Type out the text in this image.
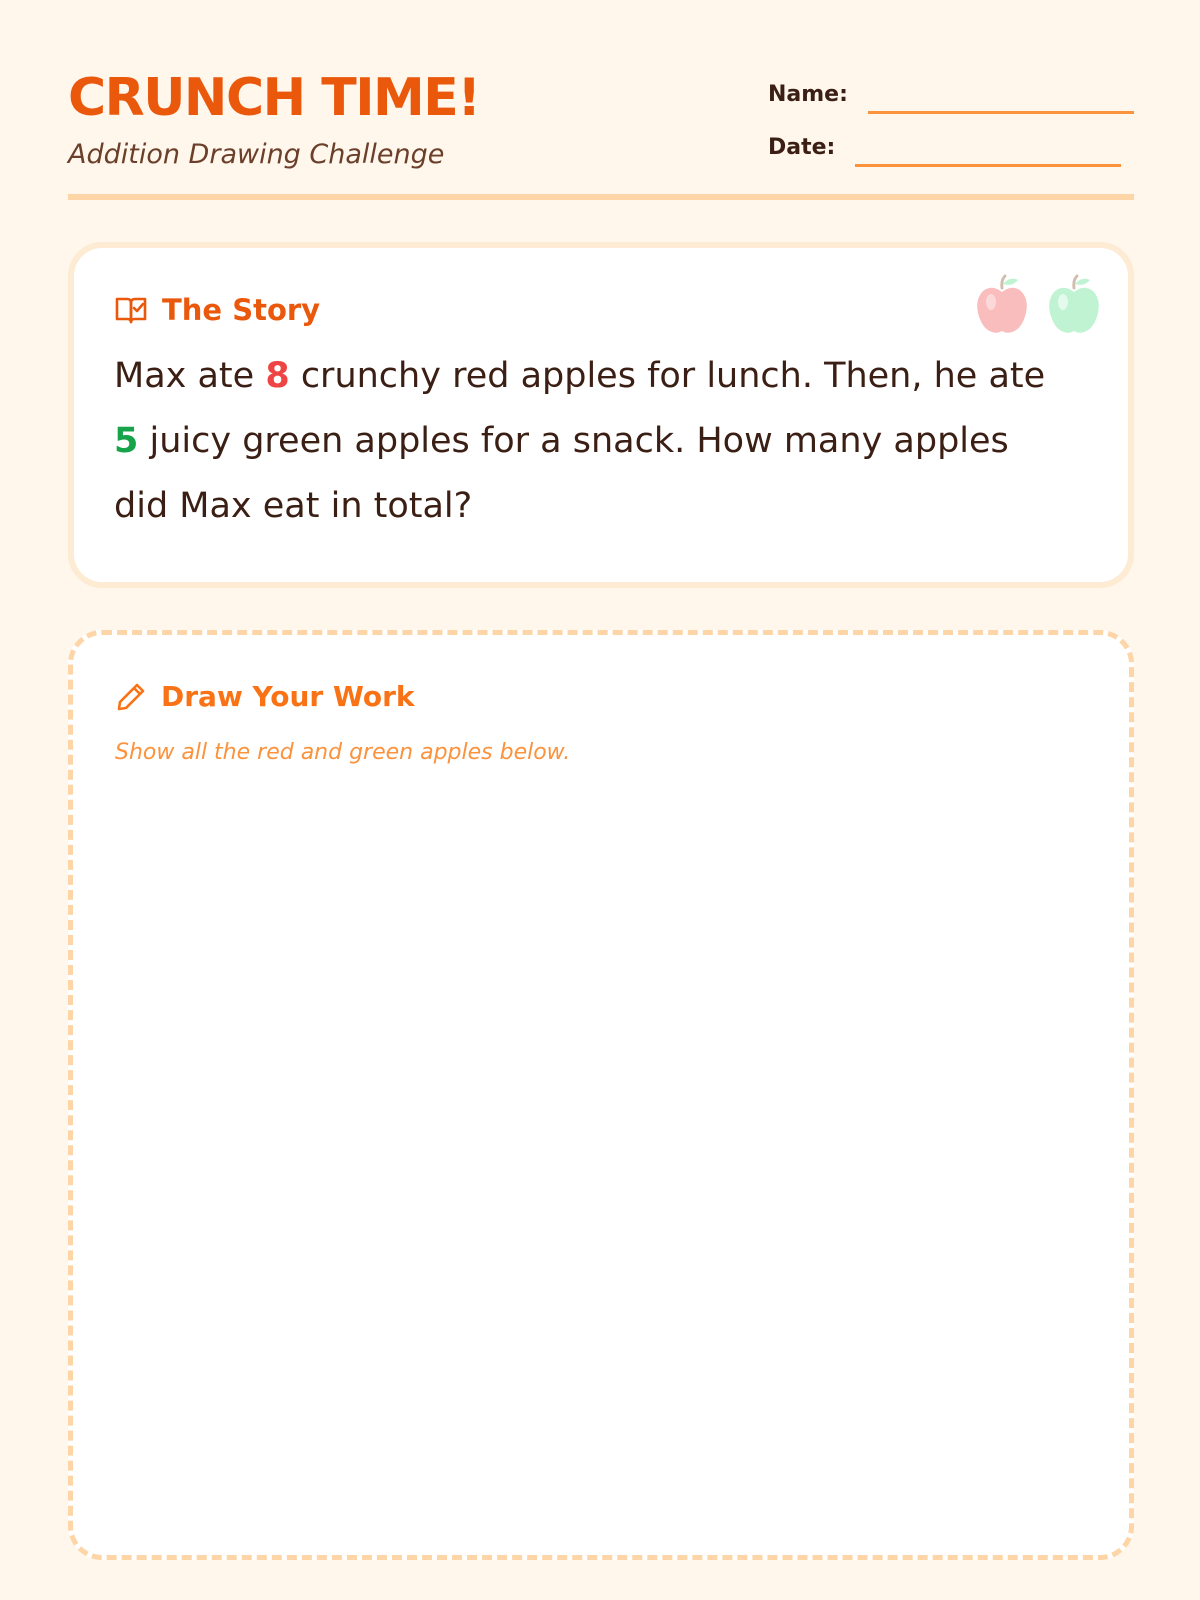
CRUNCH TIME!
Addition Drawing Challenge
Name:
Date:
The Story
Max ate 8 crunchy red apples for lunch. Then, he ate 5 juicy green apples for a snack. How many apples did Max eat in total?
Draw Your Work
Show all the red and green apples below.
